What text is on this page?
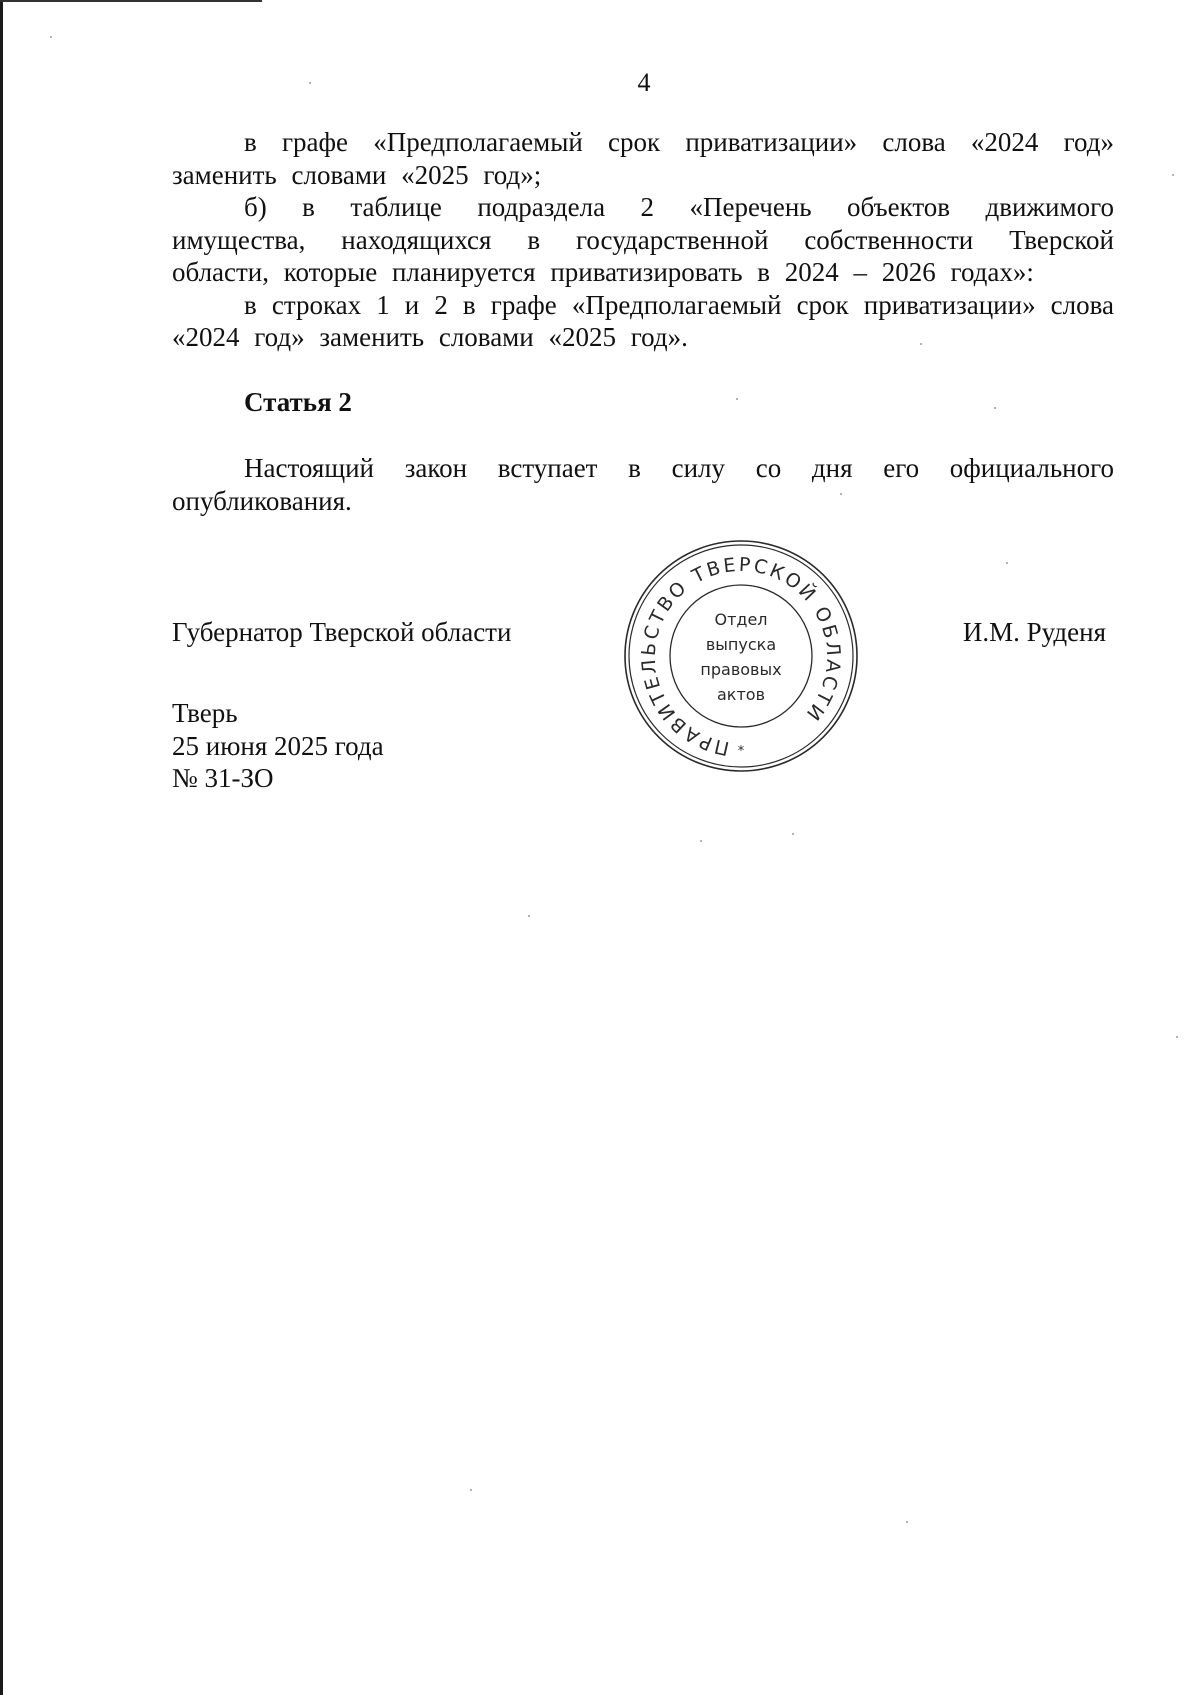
4

в графе «Предполагаемый срок приватизации» слова «2024 год» заменить словами «2025 год»;

б) в таблице подраздела 2 «Перечень объектов движимого имущества, находящихся в государственной собственности Тверской области, которые планируется приватизировать в 2024 – 2026 годах»:

в строках 1 и 2 в графе «Предполагаемый срок приватизации» слова «2024 год» заменить словами «2025 год».

Статья 2

Настоящий закон вступает в силу со дня его официального опубликования.

Губернатор Тверской области	И.М. Руденя
Тверь
25 июня 2025 года
№ 31-ЗО
ПРАВИТЕЛЬСТВО ТВЕРСКОЙ ОБЛАСТИ
Отдел
выпуска
правовых
актов
*
